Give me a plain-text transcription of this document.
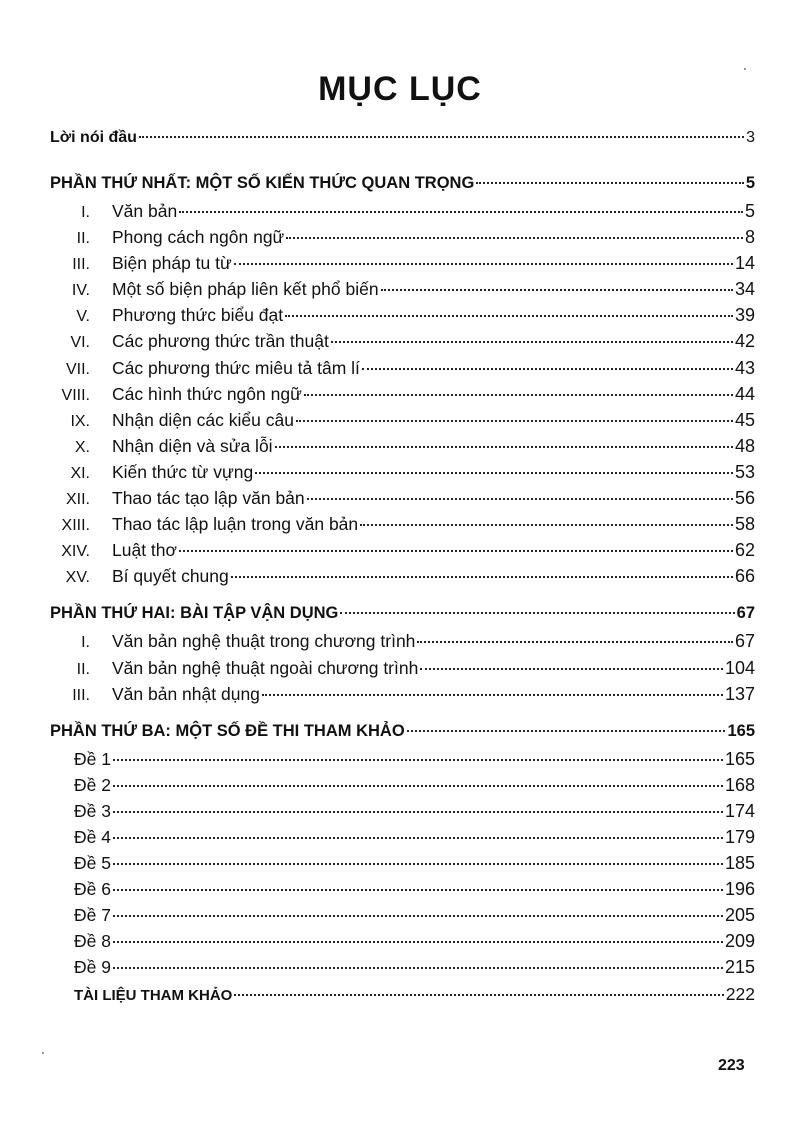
MỤC LỤC
Lời nói đầu	3
PHẦN THỨ NHẤT: MỘT SỐ KIẾN THỨC QUAN TRỌNG	5
I.	Văn bản	5
II.	Phong cách ngôn ngữ	8
III.	Biện pháp tu từ	14
IV.	Một số biện pháp liên kết phổ biến	34
V.	Phương thức biểu đạt	39
VI.	Các phương thức trần thuật	42
VII.	Các phương thức miêu tả tâm lí	43
VIII.	Các hình thức ngôn ngữ	44
IX.	Nhận diện các kiểu câu	45
X.	Nhận diện và sửa lỗi	48
XI.	Kiến thức từ vựng	53
XII.	Thao tác tạo lập văn bản	56
XIII.	Thao tác lập luận trong văn bản	58
XIV.	Luật thơ	62
XV.	Bí quyết chung	66
PHẦN THỨ HAI: BÀI TẬP VẬN DỤNG	67
I.	Văn bản nghệ thuật trong chương trình	67
II.	Văn bản nghệ thuật ngoài chương trình	104
III.	Văn bản nhật dụng	137
PHẦN THỨ BA: MỘT SỐ ĐỀ THI THAM KHẢO	165
Đề 1	165
Đề 2	168
Đề 3	174
Đề 4	179
Đề 5	185
Đề 6	196
Đề 7	205
Đề 8	209
Đề 9	215
TÀI LIỆU THAM KHẢO	222
223
